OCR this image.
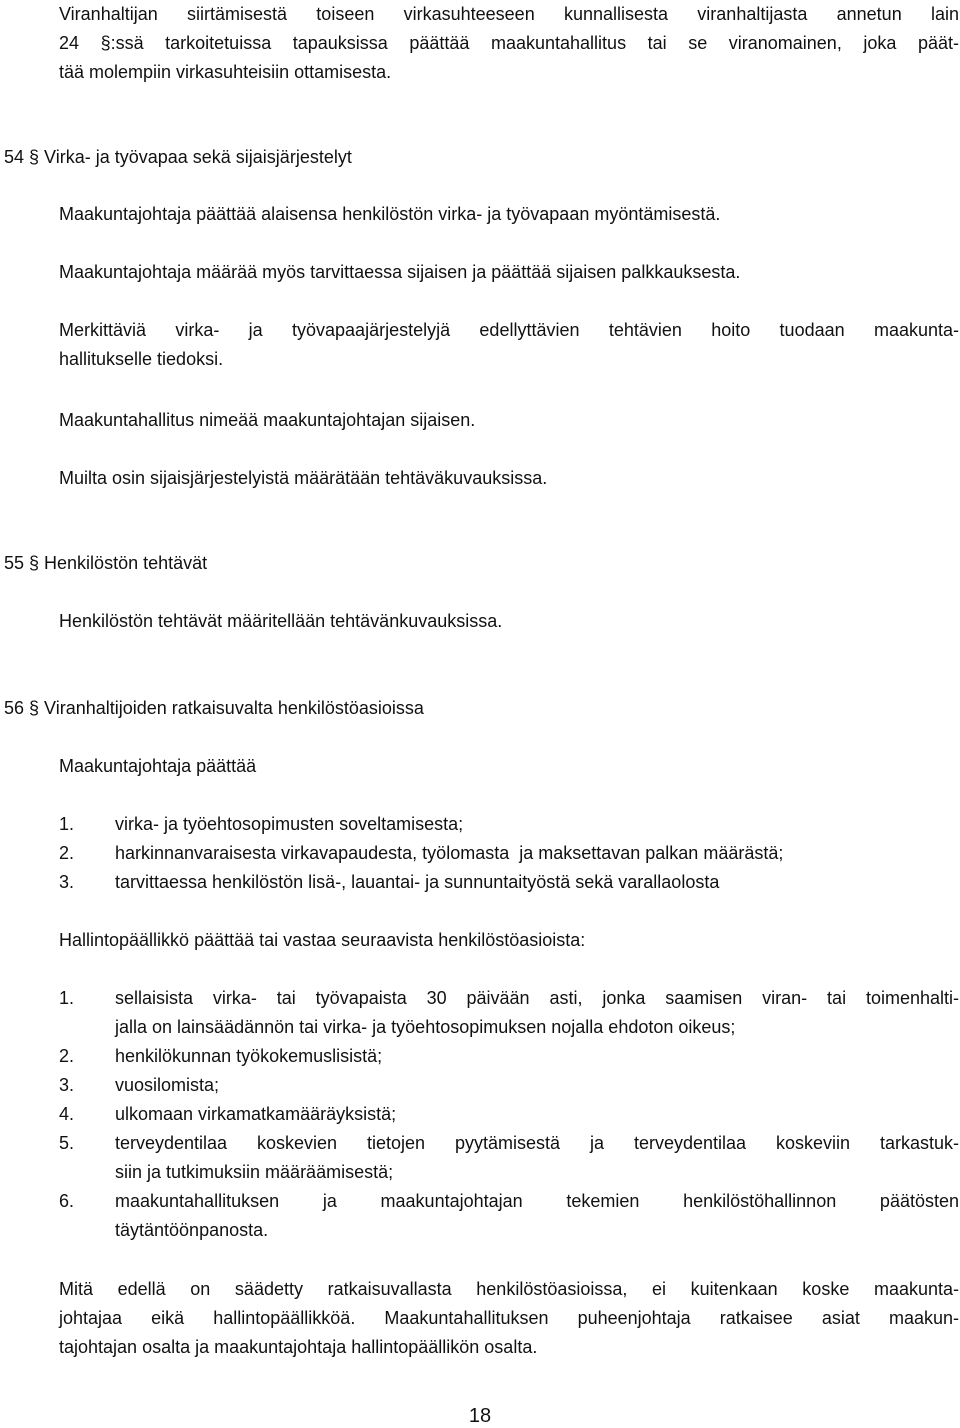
Viranhaltijan siirtämisestä toiseen virkasuhteeseen kunnallisesta viranhaltijasta annetun lain
24 §:ssä tarkoitetuissa tapauksissa päättää maakuntahallitus tai se viranomainen, joka päät-
tää molempiin virkasuhteisiin ottamisesta.
54 § Virka- ja työvapaa sekä sijaisjärjestelyt
Maakuntajohtaja päättää alaisensa henkilöstön virka- ja työvapaan myöntämisestä.
Maakuntajohtaja määrää myös tarvittaessa sijaisen ja päättää sijaisen palkkauksesta.
Merkittäviä virka- ja työvapaajärjestelyjä edellyttävien tehtävien hoito tuodaan maakunta-
hallitukselle tiedoksi.
Maakuntahallitus nimeää maakuntajohtajan sijaisen.
Muilta osin sijaisjärjestelyistä määrätään tehtäväkuvauksissa.
55 § Henkilöstön tehtävät
Henkilöstön tehtävät määritellään tehtävänkuvauksissa.
56 § Viranhaltijoiden ratkaisuvalta henkilöstöasioissa
Maakuntajohtaja päättää
1. virka- ja työehtosopimusten soveltamisesta;
2. harkinnanvaraisesta virkavapaudesta, työlomasta  ja maksettavan palkan määrästä;
3. tarvittaessa henkilöstön lisä-, lauantai- ja sunnuntaityöstä sekä varallaolosta
Hallintopäällikkö päättää tai vastaa seuraavista henkilöstöasioista:
1. sellaisista virka- tai työvapaista 30 päivään asti, jonka saamisen viran- tai toimenhalti-
jalla on lainsäädännön tai virka- ja työehtosopimuksen nojalla ehdoton oikeus;
2. henkilökunnan työkokemuslisistä;
3. vuosilomista;
4. ulkomaan virkamatkamääräyksistä;
5. terveydentilaa koskevien tietojen pyytämisestä ja terveydentilaa koskeviin tarkastuk-
siin ja tutkimuksiin määräämisestä;
6. maakuntahallituksen ja maakuntajohtajan tekemien henkilöstöhallinnon päätösten
täytäntöönpanosta.
Mitä edellä on säädetty ratkaisuvallasta henkilöstöasioissa, ei kuitenkaan koske maakunta-
johtajaa eikä hallintopäällikköä. Maakuntahallituksen puheenjohtaja ratkaisee asiat maakun-
tajohtajan osalta ja maakuntajohtaja hallintopäällikön osalta.
18
